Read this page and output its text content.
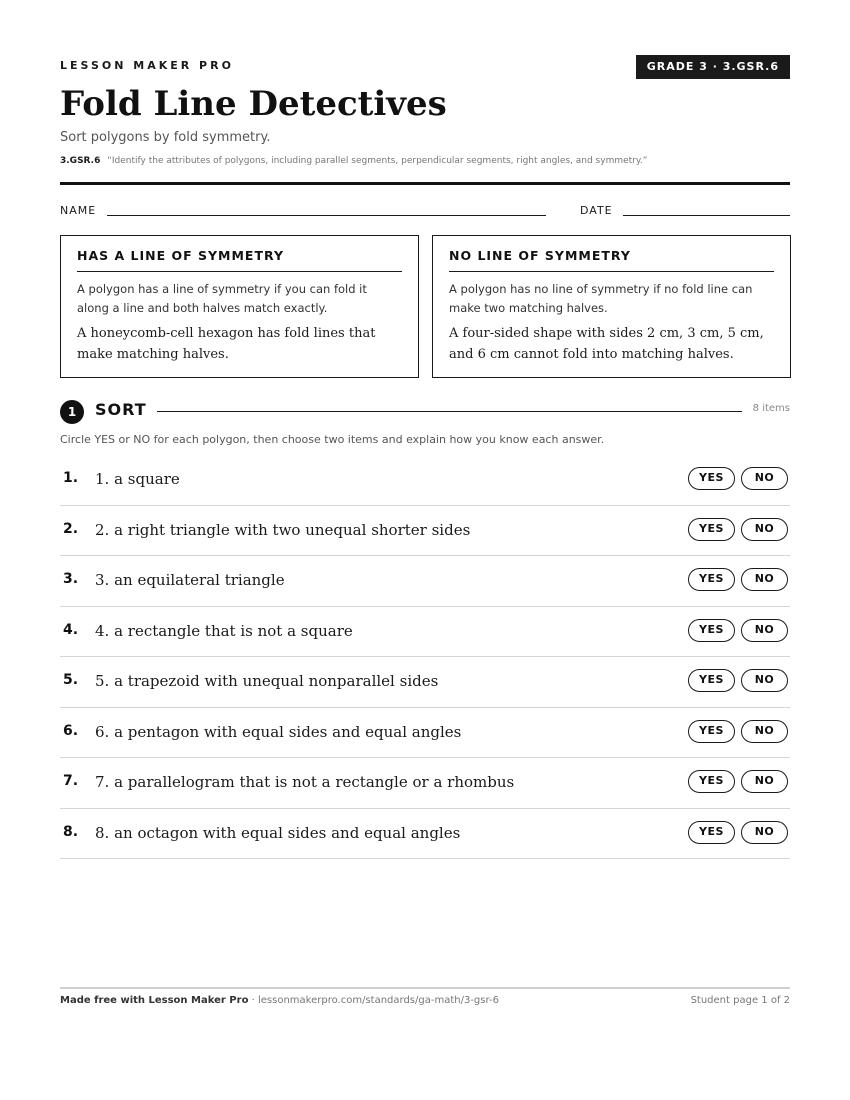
LESSON MAKER PRO	GRADE 3 · 3.GSR.6
Fold Line Detectives
Sort polygons by fold symmetry.
3.GSR.6 “Identify the attributes of polygons, including parallel segments, perpendicular segments, right angles, and symmetry.”
NAME	DATE
HAS A LINE OF SYMMETRY

A polygon has a line of symmetry if you can fold it along a line and both halves match exactly.

A honeycomb-cell hexagon has fold lines that make matching halves.

NO LINE OF SYMMETRY

A polygon has no line of symmetry if no fold line can make two matching halves.

A four-sided shape with sides 2 cm, 3 cm, 5 cm, and 6 cm cannot fold into matching halves.

1	SORT	8 items
Circle YES or NO for each polygon, then choose two items and explain how you know each answer.
1. 1. a square	YES	NO
2. 2. a right triangle with two unequal shorter sides	YES	NO
3. 3. an equilateral triangle	YES	NO
4. 4. a rectangle that is not a square	YES	NO
5. 5. a trapezoid with unequal nonparallel sides	YES	NO
6. 6. a pentagon with equal sides and equal angles	YES	NO
7. 7. a parallelogram that is not a rectangle or a rhombus	YES	NO
8. 8. an octagon with equal sides and equal angles	YES	NO
Made free with Lesson Maker Pro · lessonmakerpro.com/standards/ga-math/3-gsr-6	Student page 1 of 2
